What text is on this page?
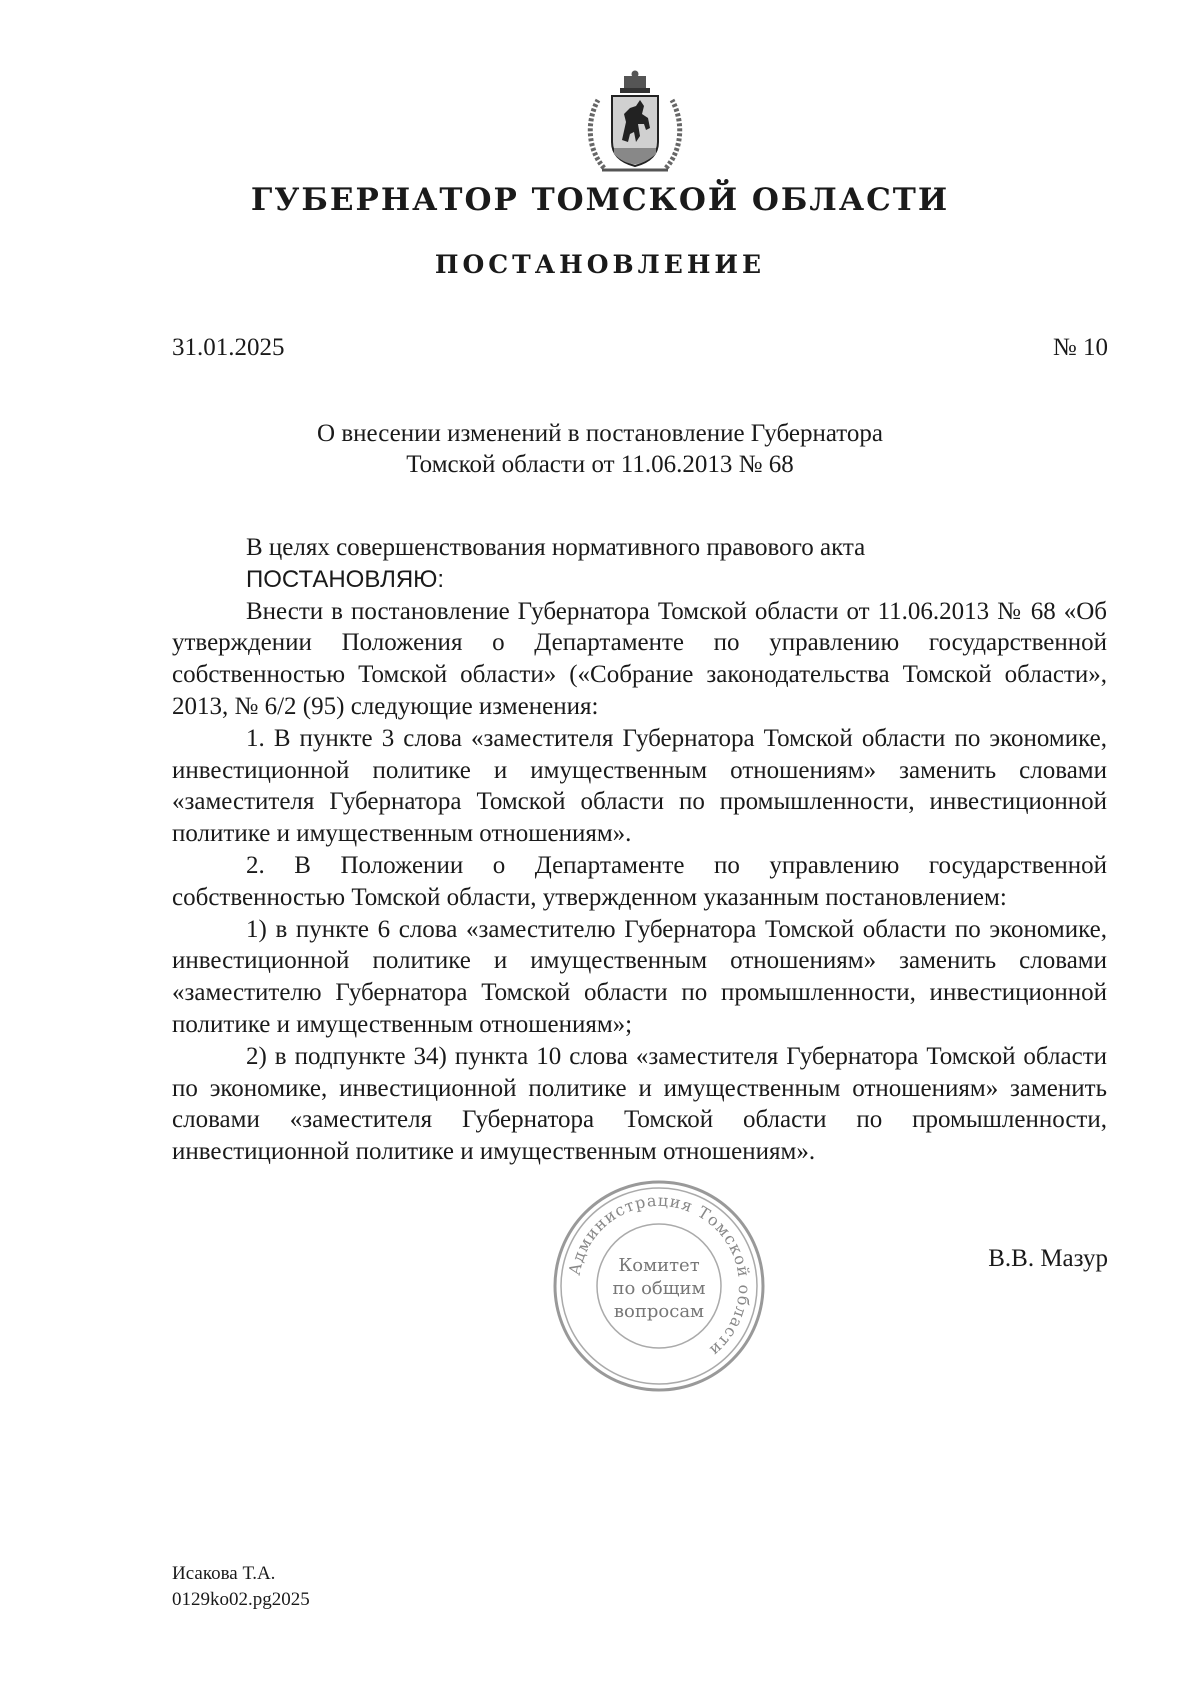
ГУБЕРНАТОР ТОМСКОЙ ОБЛАСТИ
ПОСТАНОВЛЕНИЕ
31.01.2025	№ 10
О внесении изменений в постановление Губернатора
Томской области от 11.06.2013 № 68

В целях совершенствования нормативного правового акта

ПОСТАНОВЛЯЮ:

Внести в постановление Губернатора Томской области от 11.06.2013 № 68 «Об утверждении Положения о Департаменте по управлению государственной собственностью Томской области» («Собрание законодательства Томской области», 2013, № 6/2 (95) следующие изменения:

1. В пункте 3 слова «заместителя Губернатора Томской области по экономике, инвестиционной политике и имущественным отношениям» заменить словами «заместителя Губернатора Томской области по промышленности, инвестиционной политике и имущественным отношениям».

2. В Положении о Департаменте по управлению государственной собственностью Томской области, утвержденном указанным постановлением:

1) в пункте 6 слова «заместителю Губернатора Томской области по экономике, инвестиционной политике и имущественным отношениям» заменить словами «заместителю Губернатора Томской области по промышленности, инвестиционной политике и имущественным отношениям»;

2) в подпункте 34) пункта 10 слова «заместителя Губернатора Томской области по экономике, инвестиционной политике и имущественным отношениям» заменить словами «заместителя Губернатора Томской области по промышленности, инвестиционной политике и имущественным отношениям».

Администрация Томской области
Комитет
по общим
вопросам
В.В. Мазур
Исакова Т.А.
0129ko02.pg2025
